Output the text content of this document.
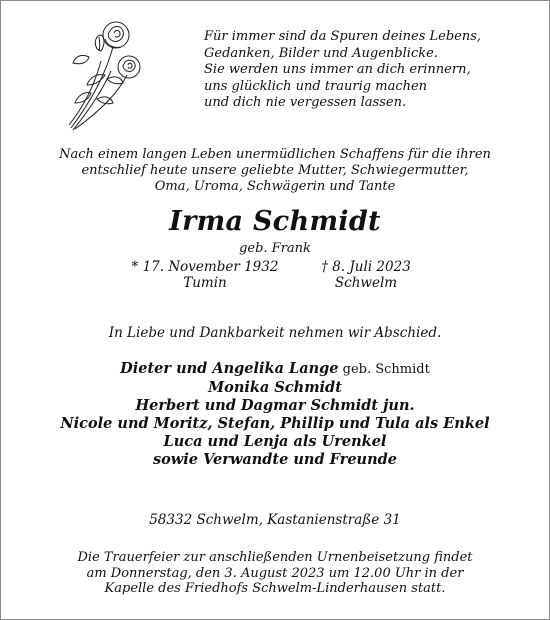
Für immer sind da Spuren deines Lebens,
Gedanken, Bilder und Augenblicke.
Sie werden uns immer an dich erinnern,
uns glücklich und traurig machen
und dich nie vergessen lassen.
Nach einem langen Leben unermüdlichen Schaffens für die ihren
entschlief heute unsere geliebte Mutter, Schwiegermutter,
Oma, Uroma, Schwägerin und Tante
Irma Schmidt
geb. Frank
* 17. November 1932
Tumin
† 8. Juli 2023
Schwelm
In Liebe und Dankbarkeit nehmen wir Abschied.
Dieter und Angelika Lange geb. Schmidt
Monika Schmidt
Herbert und Dagmar Schmidt jun.
Nicole und Moritz, Stefan, Phillip und Tula als Enkel
Luca und Lenja als Urenkel
sowie Verwandte und Freunde
58332 Schwelm, Kastanienstraße 31
Die Trauerfeier zur anschließenden Urnenbeisetzung findet
am Donnerstag, den 3. August 2023 um 12.00 Uhr in der
Kapelle des Friedhofs Schwelm-Linderhausen statt.
